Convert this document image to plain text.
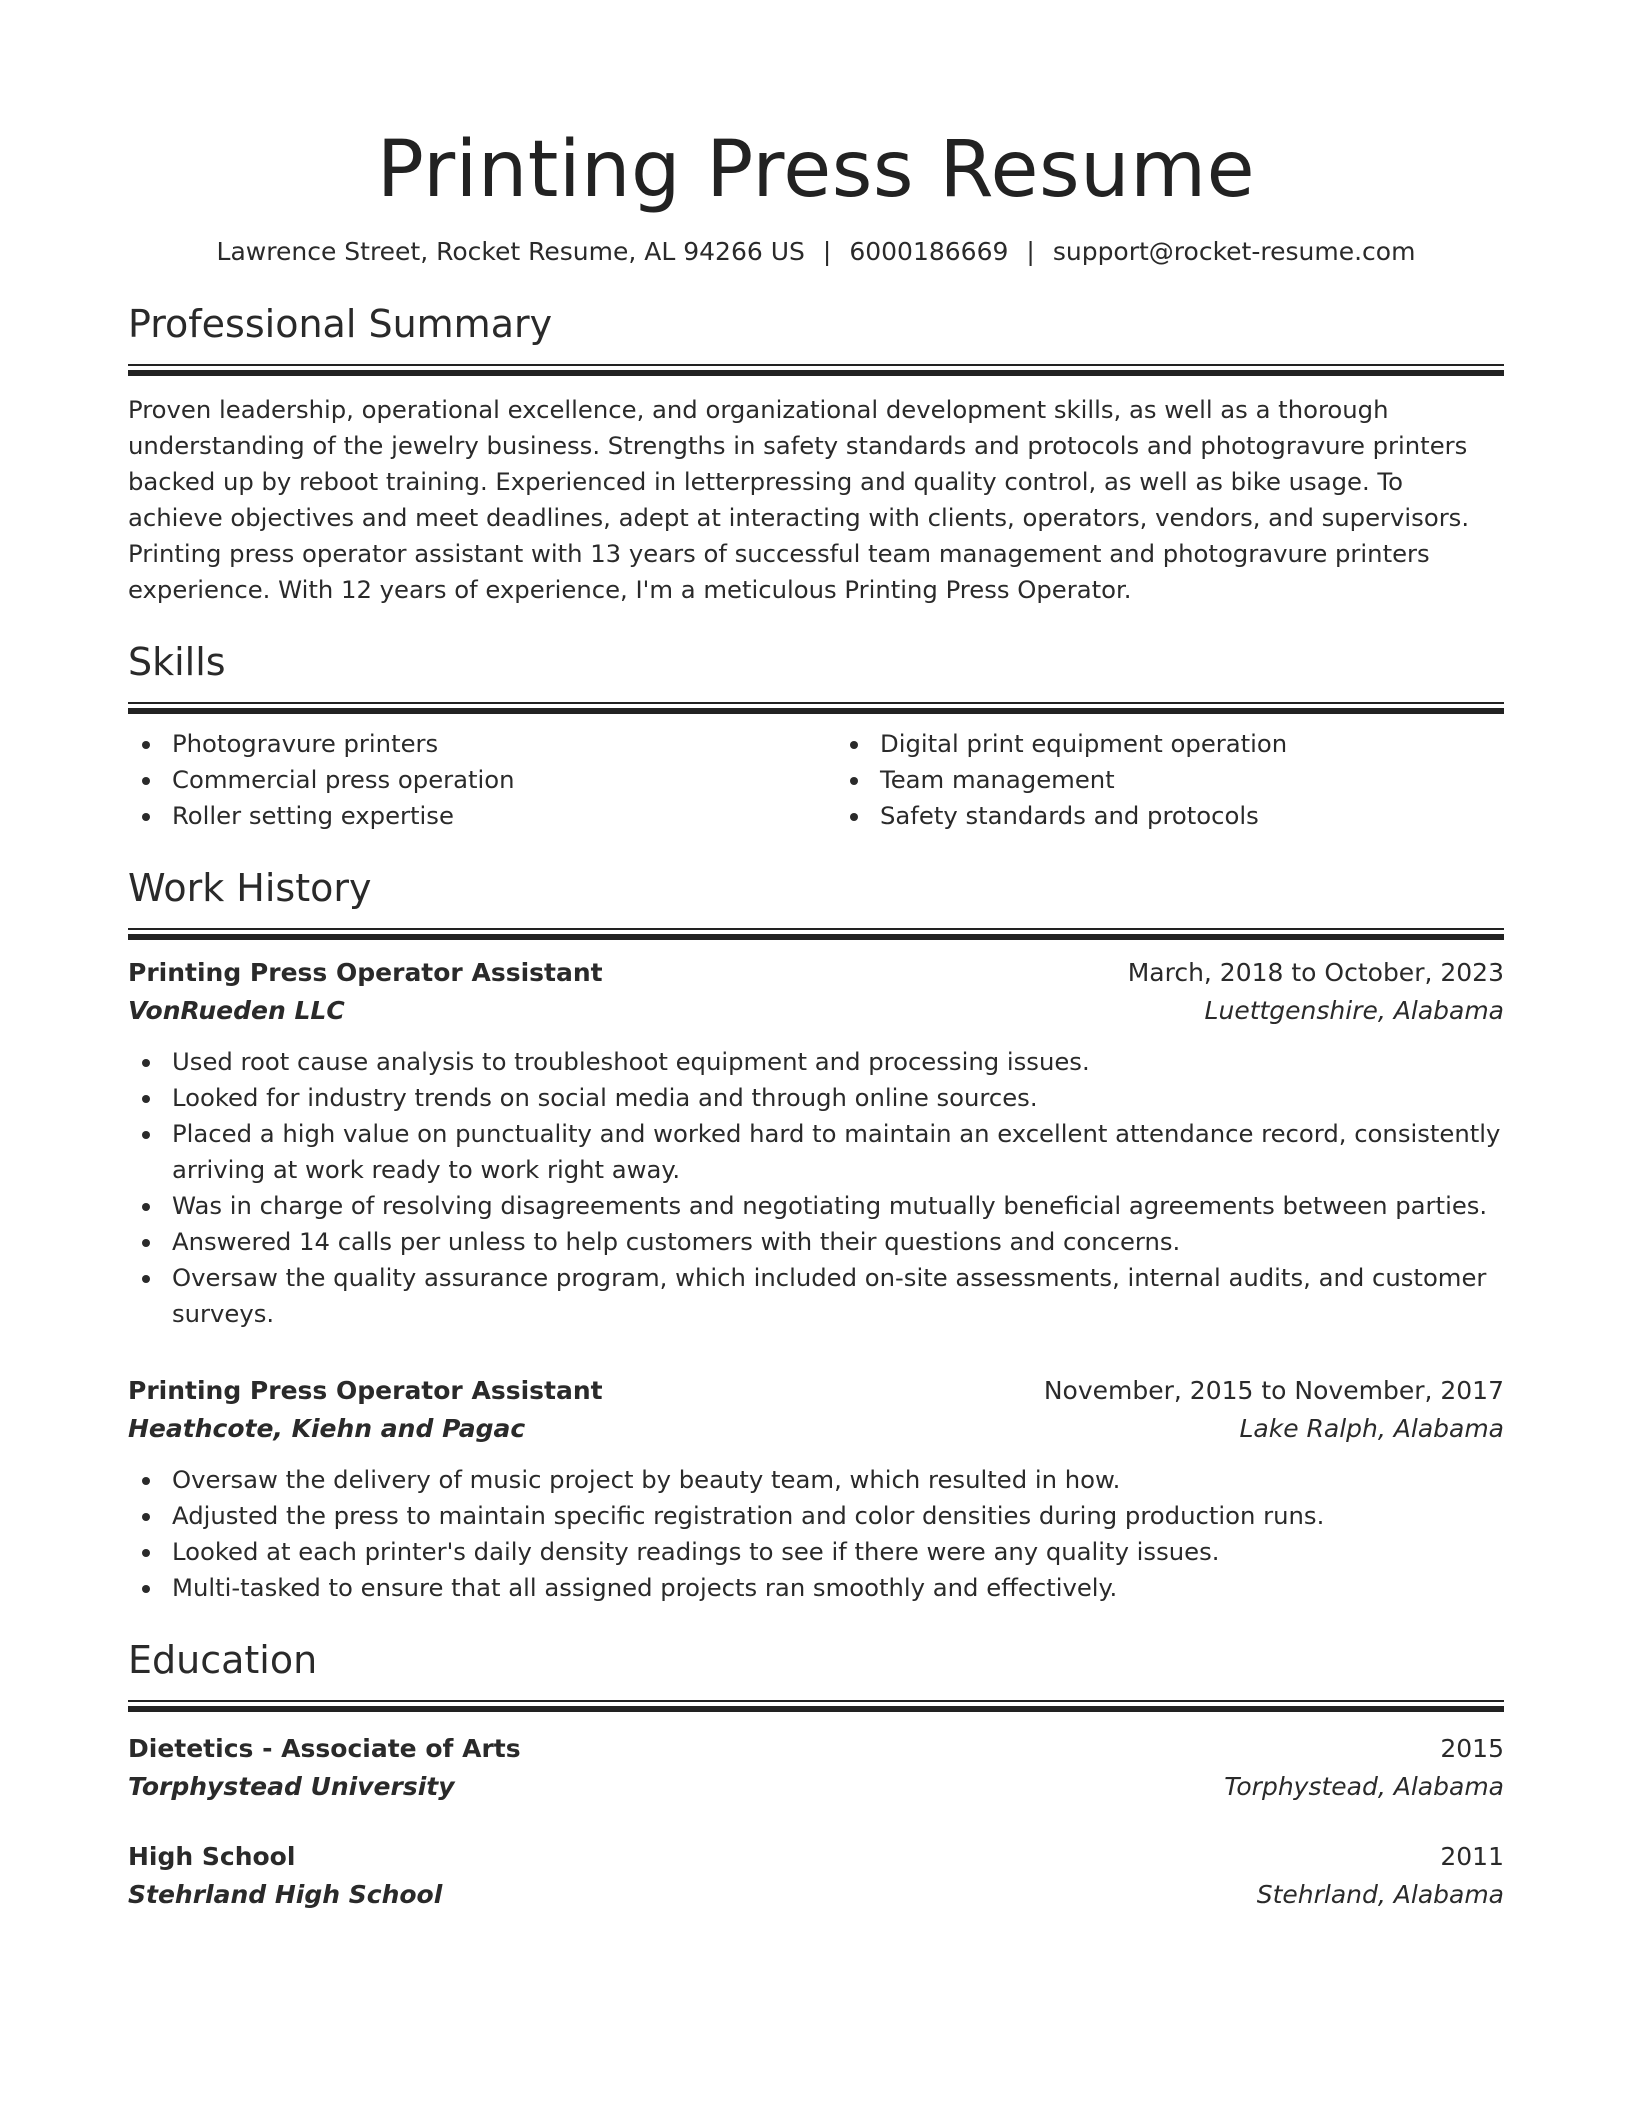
Printing Press Resume
Lawrence Street, Rocket Resume, AL 94266 US | 6000186669 | support@rocket-resume.com
Professional Summary

Proven leadership, operational excellence, and organizational development skills, as well as a thorough understanding of the jewelry business. Strengths in safety standards and protocols and photogravure printers backed up by reboot training. Experienced in letterpressing and quality control, as well as bike usage. To achieve objectives and meet deadlines, adept at interacting with clients, operators, vendors, and supervisors. Printing press operator assistant with 13 years of successful team management and photogravure printers experience. With 12 years of experience, I'm a meticulous Printing Press Operator.

Skills
Photogravure printers
Commercial press operation
Roller setting expertise
Digital print equipment operation
Team management
Safety standards and protocols
Work History
Printing Press Operator Assistant	March, 2018 to October, 2023
VonRueden LLC	Luettgenshire, Alabama
Used root cause analysis to troubleshoot equipment and processing issues.
Looked for industry trends on social media and through online sources.
Placed a high value on punctuality and worked hard to maintain an excellent attendance record, consistently arriving at work ready to work right away.
Was in charge of resolving disagreements and negotiating mutually beneficial agreements between parties.
Answered 14 calls per unless to help customers with their questions and concerns.
Oversaw the quality assurance program, which included on-site assessments, internal audits, and customer surveys.
Printing Press Operator Assistant	November, 2015 to November, 2017
Heathcote, Kiehn and Pagac	Lake Ralph, Alabama
Oversaw the delivery of music project by beauty team, which resulted in how.
Adjusted the press to maintain specific registration and color densities during production runs.
Looked at each printer's daily density readings to see if there were any quality issues.
Multi-tasked to ensure that all assigned projects ran smoothly and effectively.
Education
Dietetics - Associate of Arts	2015
Torphystead University	Torphystead, Alabama
High School	2011
Stehrland High School	Stehrland, Alabama
